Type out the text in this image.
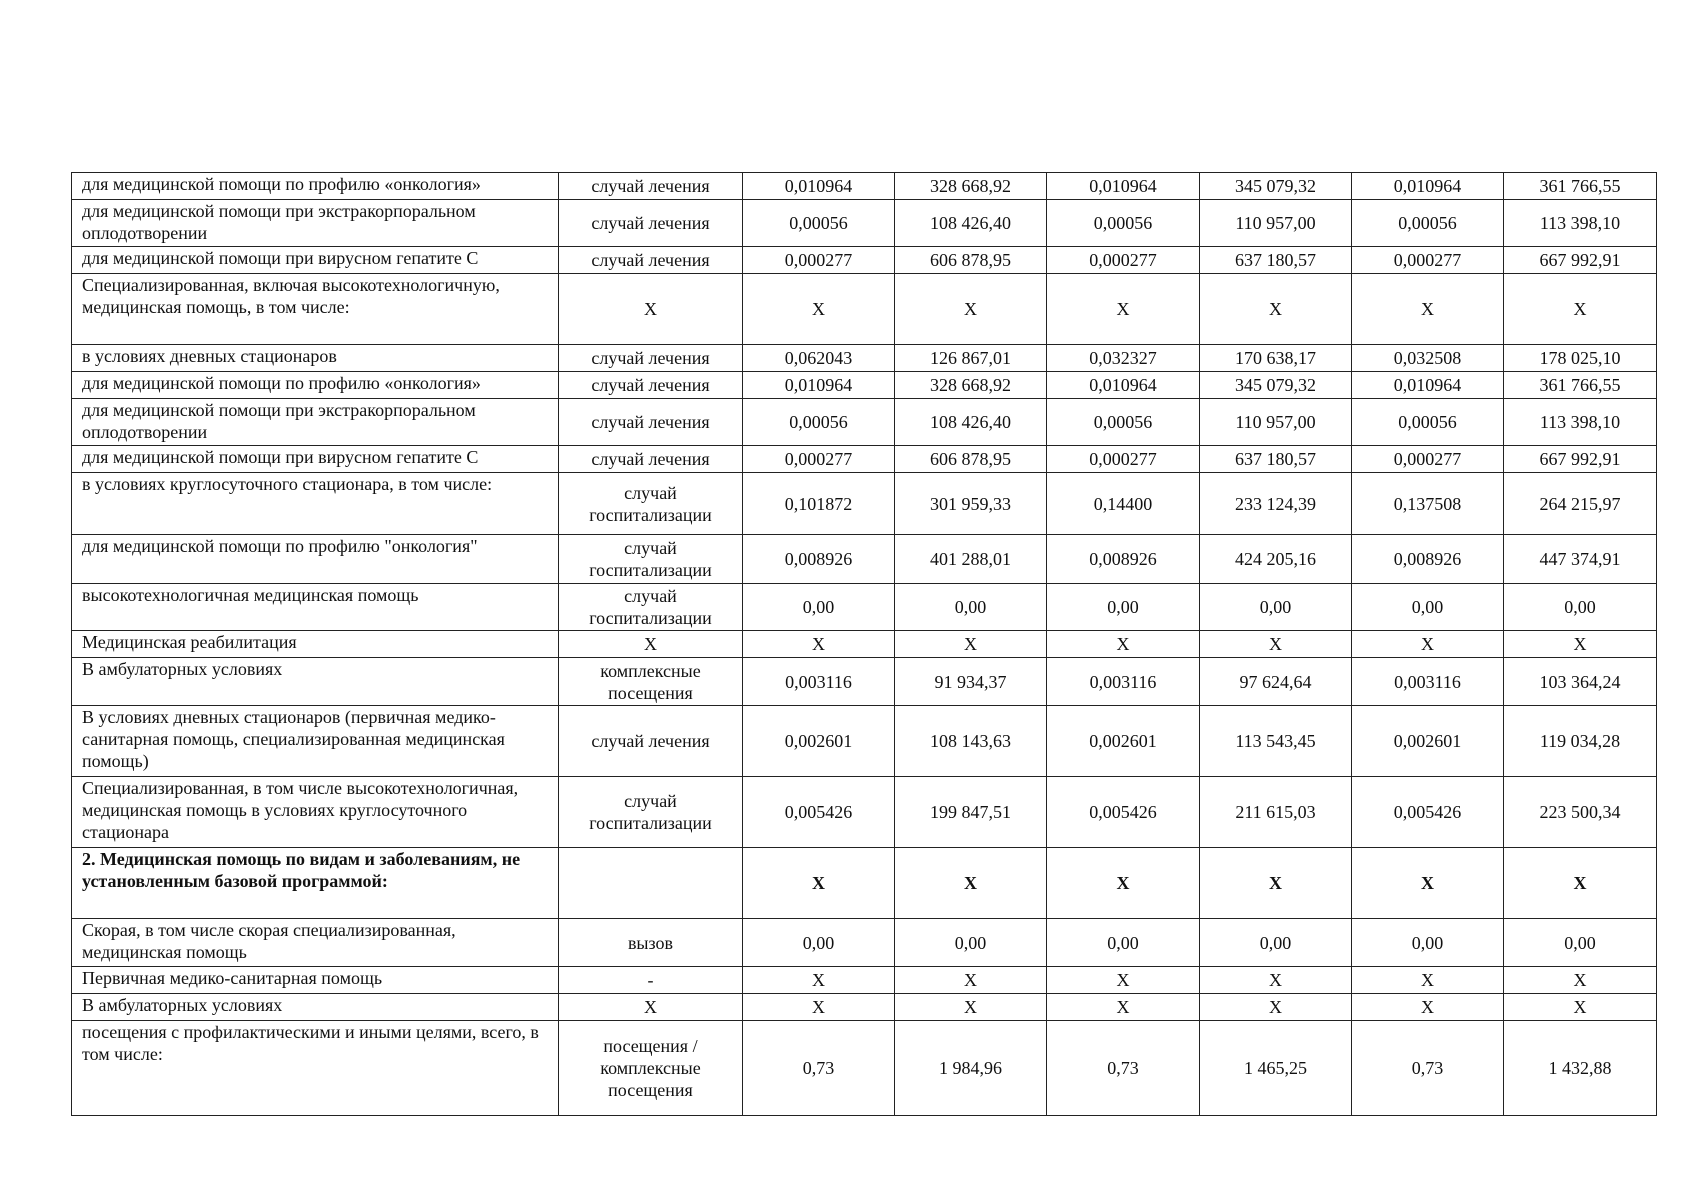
для медицинской помощи по профилю «онкология»	случай лечения	0,010964	328 668,92	0,010964	345 079,32	0,010964	361 766,55
для медицинской помощи при экстракорпоральном оплодотворении	случай лечения	0,00056	108 426,40	0,00056	110 957,00	0,00056	113 398,10
для медицинской помощи при вирусном гепатите С	случай лечения	0,000277	606 878,95	0,000277	637 180,57	0,000277	667 992,91
Специализированная, включая высокотехнологичную, медицинская помощь, в том числе:	Х	Х	Х	Х	Х	Х	Х
в условиях дневных стационаров	случай лечения	0,062043	126 867,01	0,032327	170 638,17	0,032508	178 025,10
для медицинской помощи по профилю «онкология»	случай лечения	0,010964	328 668,92	0,010964	345 079,32	0,010964	361 766,55
для медицинской помощи при экстракорпоральном оплодотворении	случай лечения	0,00056	108 426,40	0,00056	110 957,00	0,00056	113 398,10
для медицинской помощи при вирусном гепатите С	случай лечения	0,000277	606 878,95	0,000277	637 180,57	0,000277	667 992,91
в условиях круглосуточного стационара, в том числе:	случай госпитализации	0,101872	301 959,33	0,14400	233 124,39	0,137508	264 215,97
для медицинской помощи по профилю "онкология"	случай госпитализации	0,008926	401 288,01	0,008926	424 205,16	0,008926	447 374,91
высокотехнологичная медицинская помощь	случай госпитализации	0,00	0,00	0,00	0,00	0,00	0,00
Медицинская реабилитация	Х	Х	Х	Х	Х	Х	Х
В амбулаторных условиях	комплексные посещения	0,003116	91 934,37	0,003116	97 624,64	0,003116	103 364,24
В условиях дневных стационаров (первичная медико-санитарная помощь, специализированная медицинская помощь)	случай лечения	0,002601	108 143,63	0,002601	113 543,45	0,002601	119 034,28
Специализированная, в том числе высокотехнологичная, медицинская помощь в условиях круглосуточного стационара	случай госпитализации	0,005426	199 847,51	0,005426	211 615,03	0,005426	223 500,34
2. Медицинская помощь по видам и заболеваниям, не установленным базовой программой:		Х	Х	Х	Х	Х	Х
Скорая, в том числе скорая специализированная, медицинская помощь	вызов	0,00	0,00	0,00	0,00	0,00	0,00
Первичная медико-санитарная помощь	-	Х	Х	Х	Х	Х	Х
В амбулаторных условиях	Х	Х	Х	Х	Х	Х	Х
посещения с профилактическими и иными целями, всего, в том числе:	посещения / комплексные посещения	0,73	1 984,96	0,73	1 465,25	0,73	1 432,88
